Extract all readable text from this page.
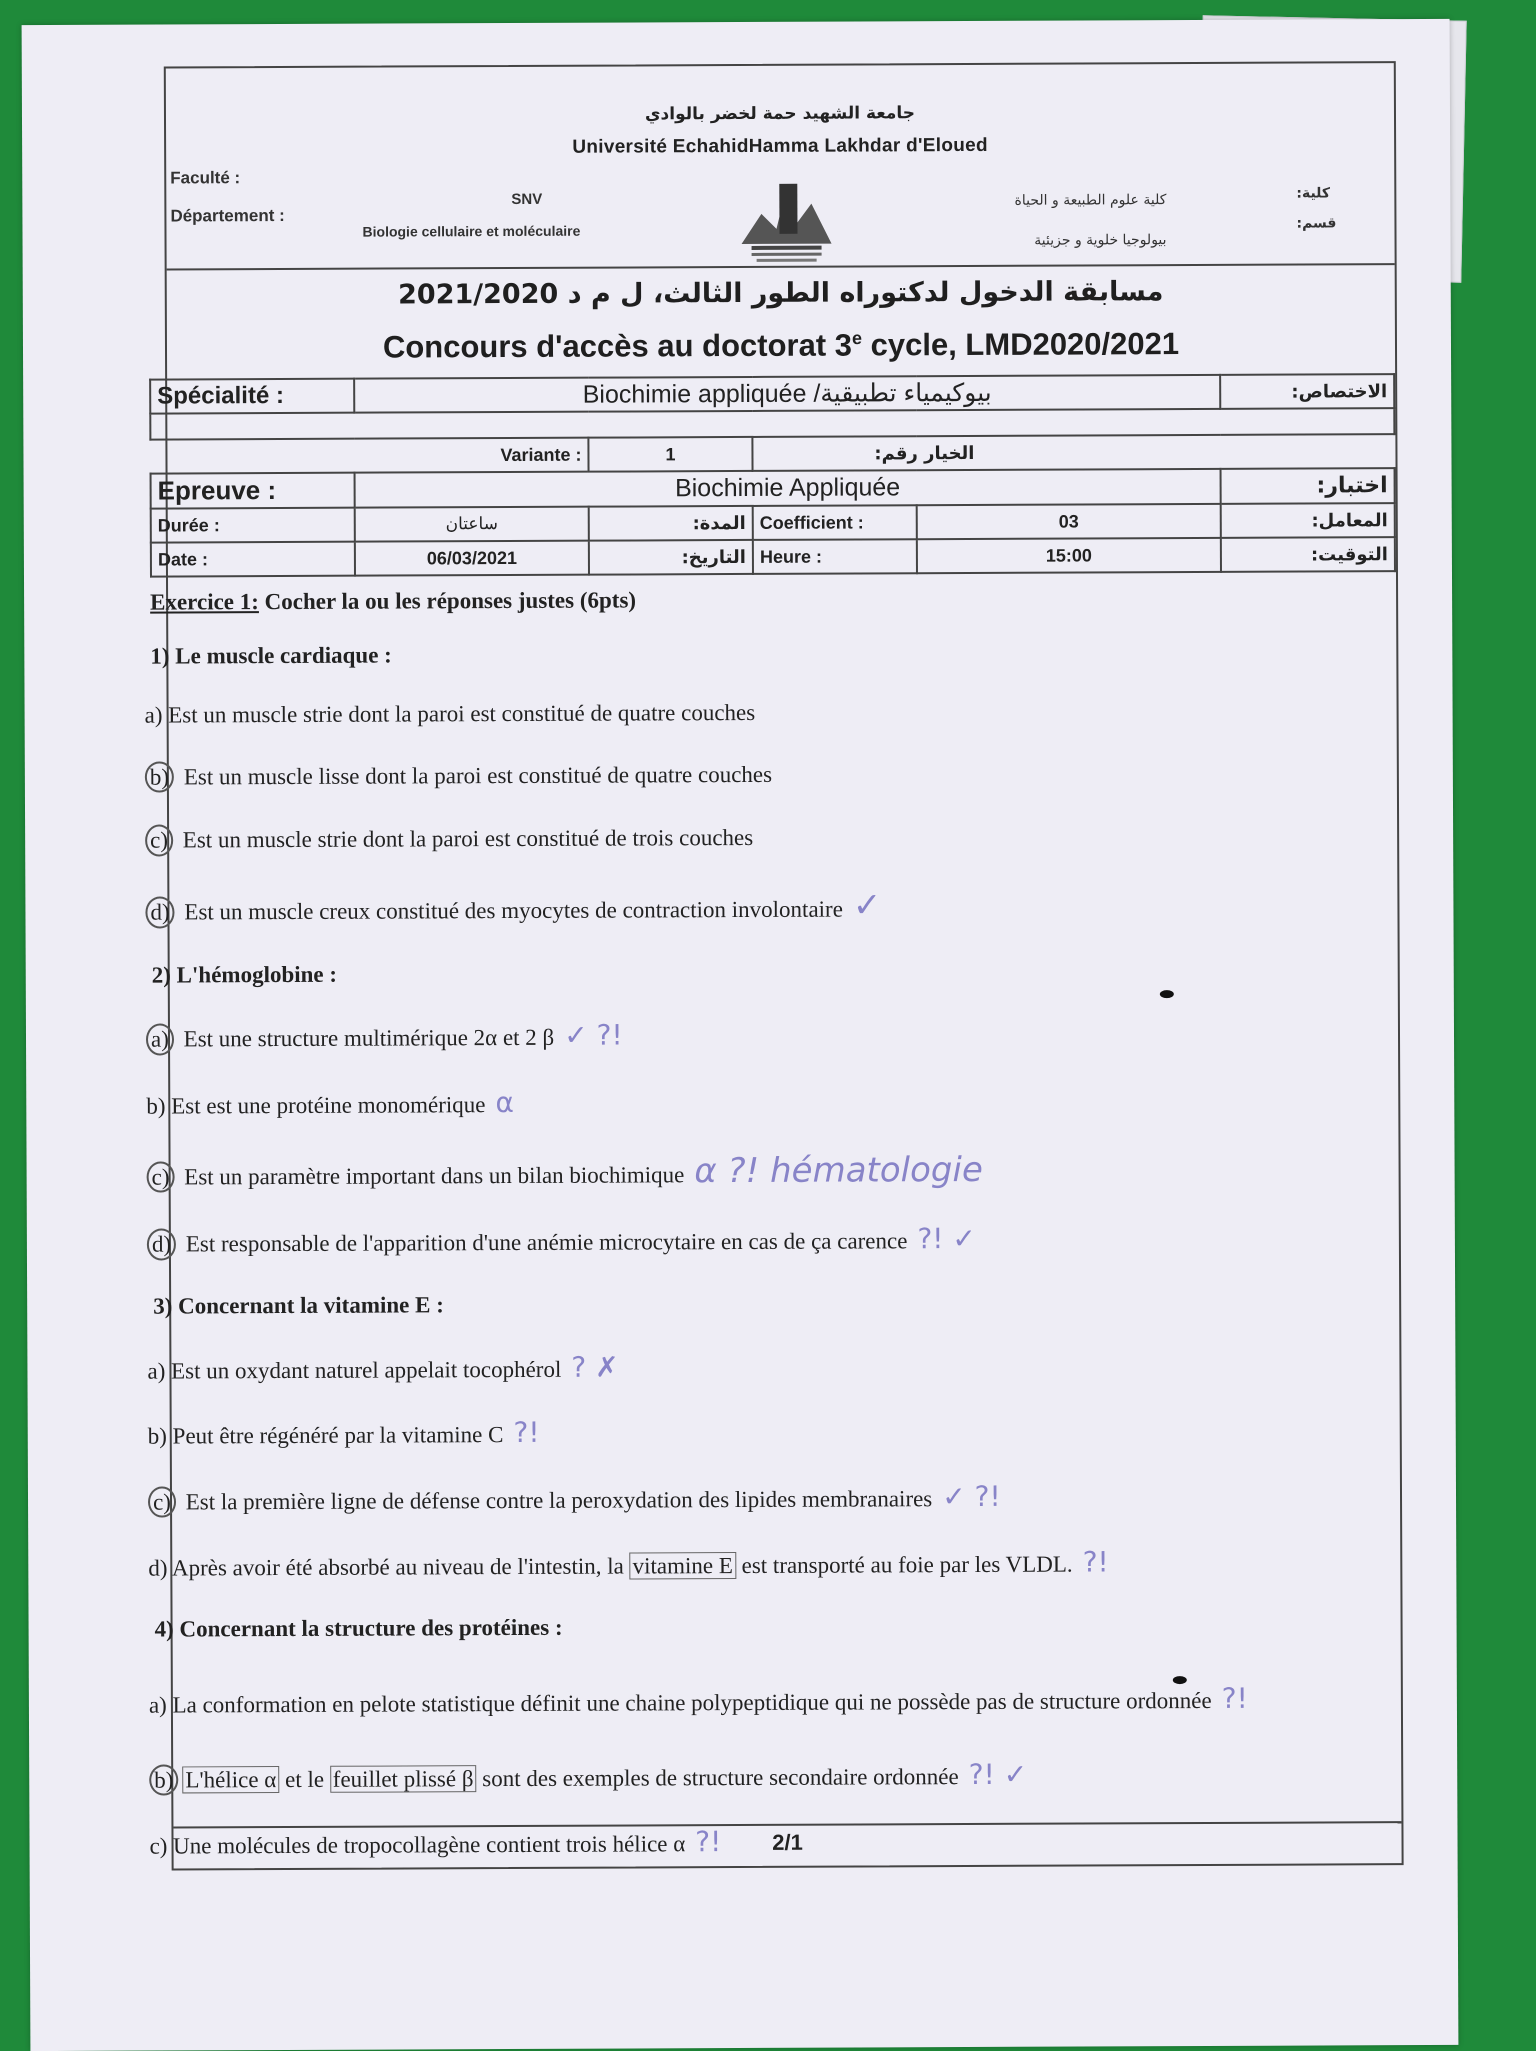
جامعة الشهيد حمة لخضر بالوادي
Université EchahidHamma Lakhdar d'Eloued
Faculté :
SNV
Département :
Biologie cellulaire et moléculaire
كلية:
كلية علوم الطبيعة و الحياة
قسم:
بيولوجيا خلوية و جزيئية
مسابقة الدخول لدكتوراه الطور الثالث، ل م د 2021/2020
Concours d'accès au doctorat 3e cycle, LMD2020/2021
Spécialité :	Biochimie appliquée /بيوكيمياء تطبيقية				الاختصاص:

Variante :		1	الخيار رقم:		
Epreuve :	Biochimie Appliquée				اختبار:
Durée :	ساعتان	المدة:	Coefficient :	03	المعامل:
Date :	06/03/2021	التاريخ:	Heure :	15:00	التوقيت:
Exercice 1: Cocher la ou les réponses justes (6pts)
1) Le muscle cardiaque :
a) Est un muscle strie dont la paroi est constitué de quatre couches
b) Est un muscle lisse dont la paroi est constitué de quatre couches
c) Est un muscle strie dont la paroi est constitué de trois couches
d) Est un muscle creux constitué des myocytes de contraction involontaire ✓
2) L'hémoglobine :
a) Est une structure multimérique 2α et 2 β ✓ ?!
b) Est est une protéine monomérique α
c) Est un paramètre important dans un bilan biochimique α ?! hématologie
d) Est responsable de l'apparition d'une anémie microcytaire en cas de ça carence ?! ✓
3) Concernant la vitamine E :
a) Est un oxydant naturel appelait tocophérol ? ✗
b) Peut être régénéré par la vitamine C ?!
c) Est la première ligne de défense contre la peroxydation des lipides membranaires ✓ ?!
d) Après avoir été absorbé au niveau de l'intestin, la vitamine E est transporté au foie par les VLDL. ?!
4) Concernant la structure des protéines :
a) La conformation en pelote statistique définit une chaine polypeptidique qui ne possède pas de structure ordonnée ?!
b) L'hélice α et le feuillet plissé β sont des exemples de structure secondaire ordonnée ?! ✓
c) Une molécules de tropocollagène contient trois hélice α ?!	2/1
